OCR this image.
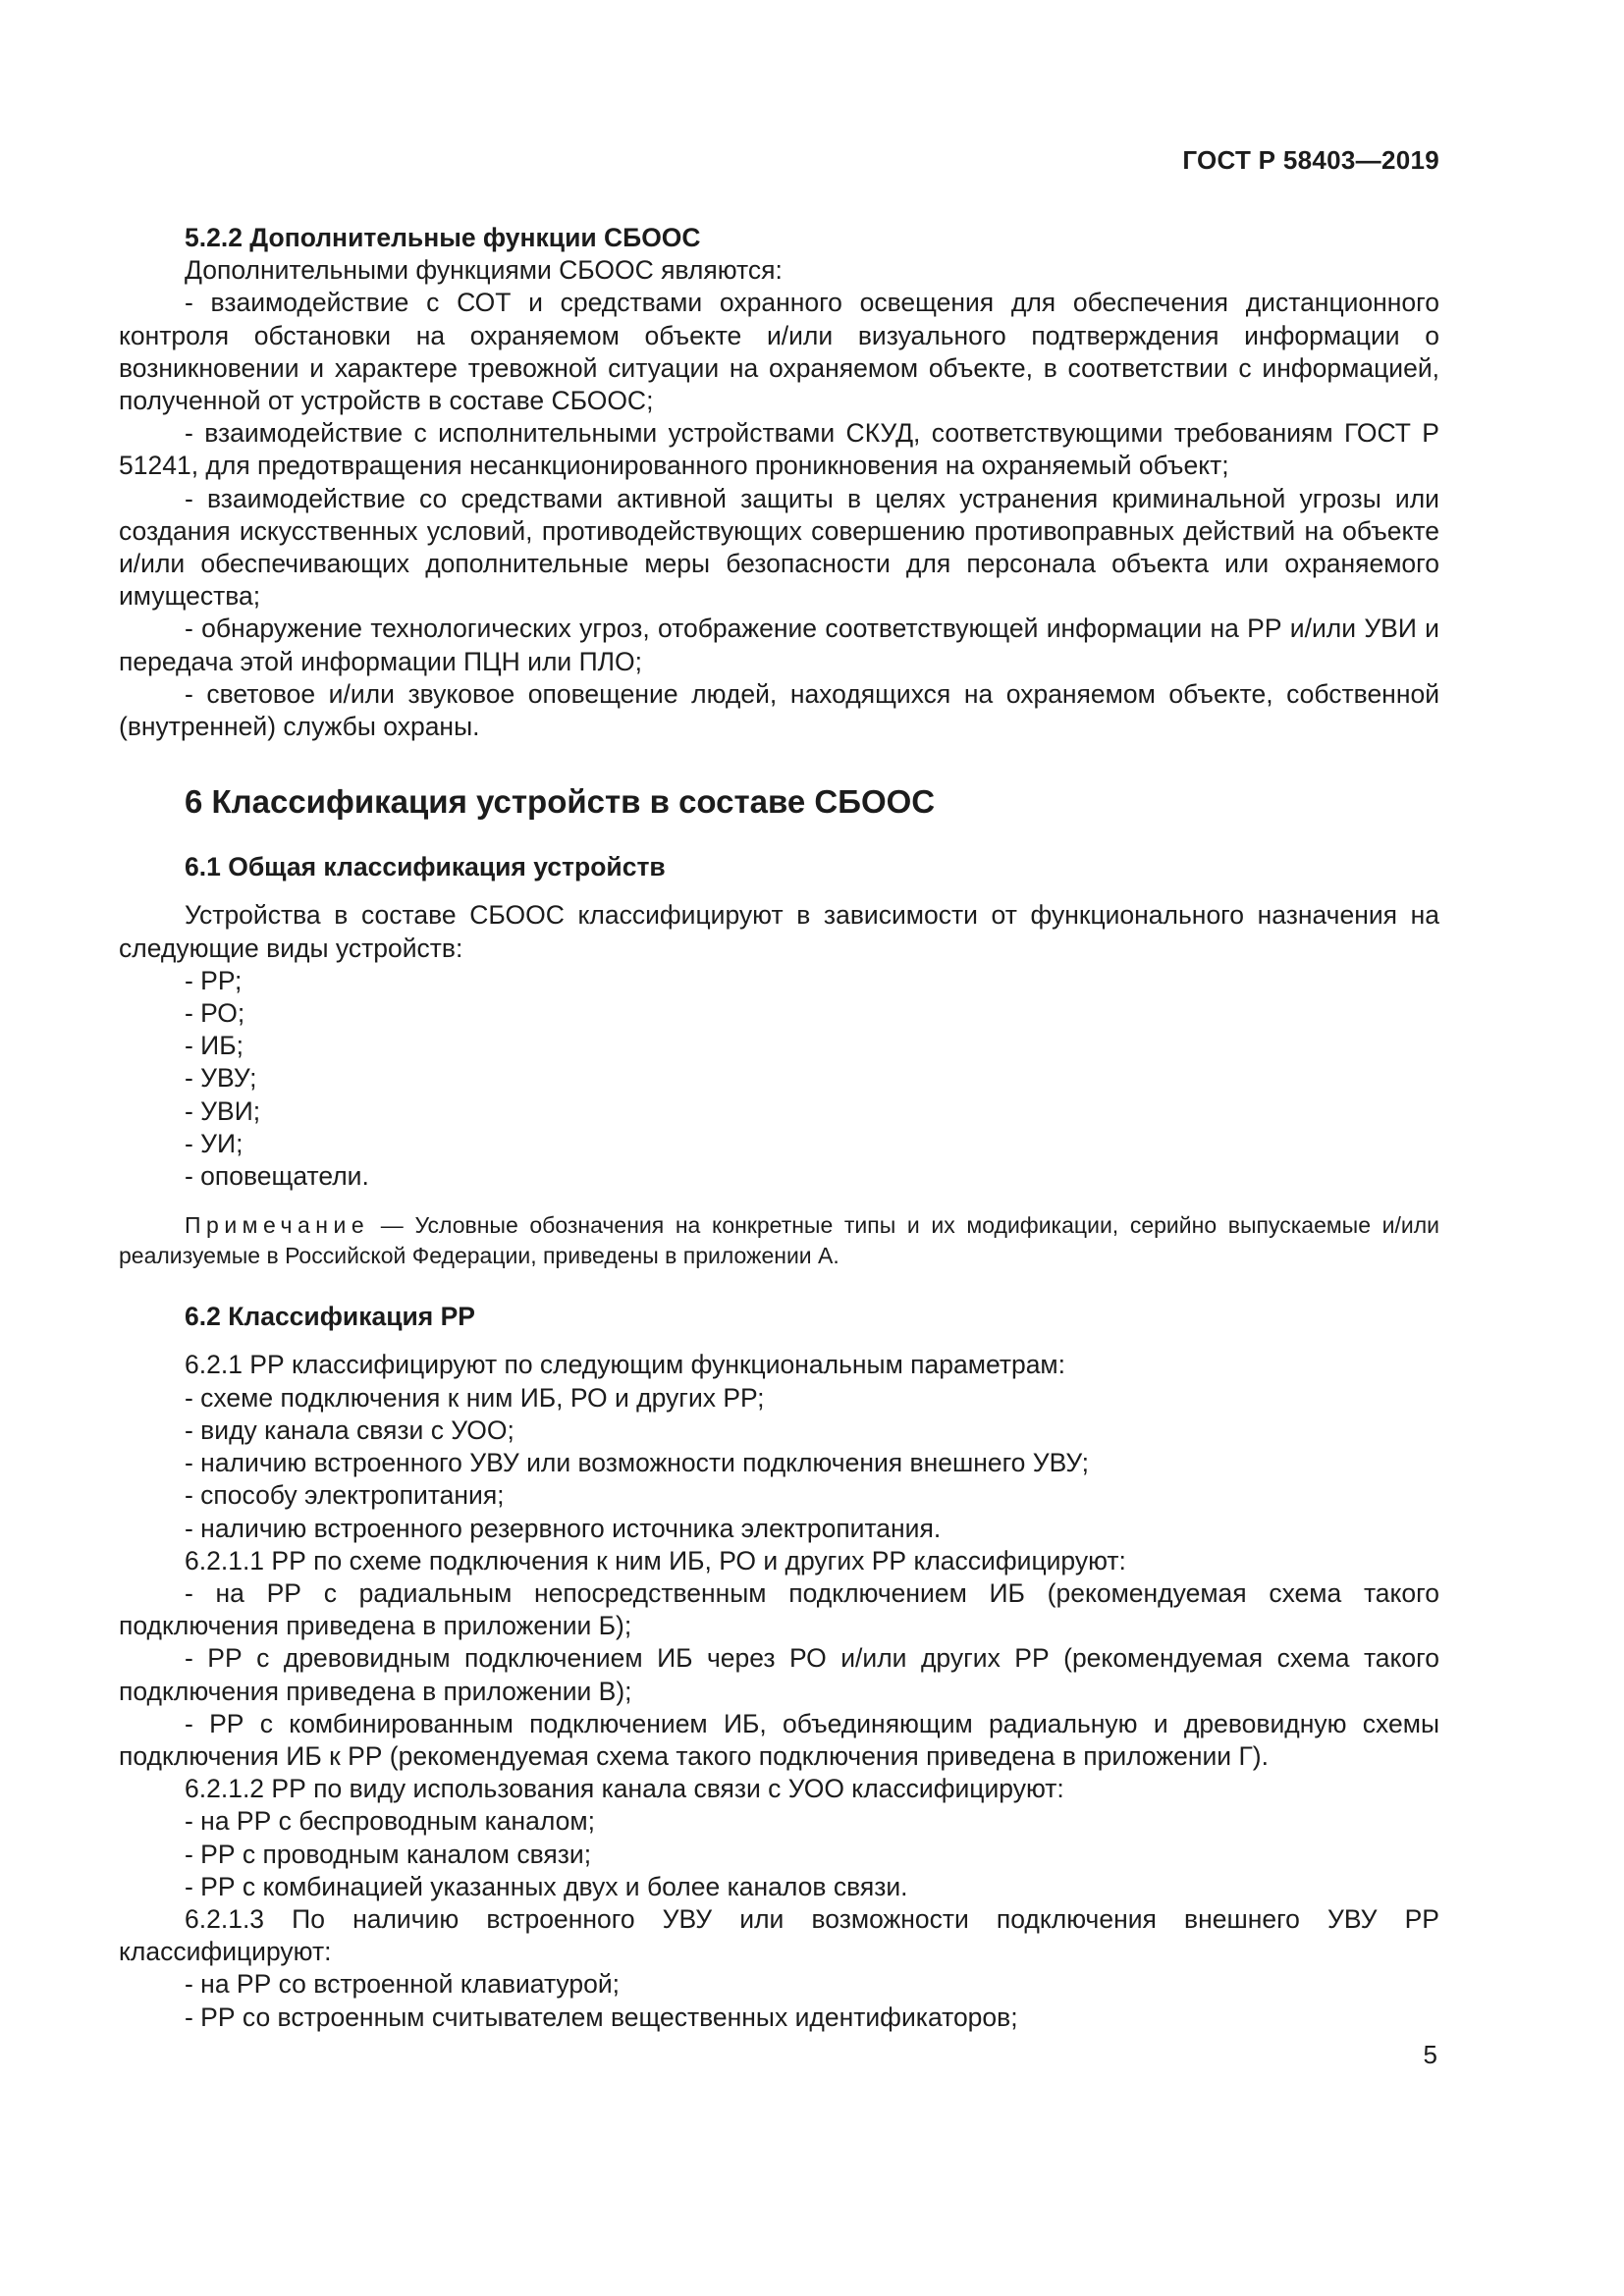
ГОСТ Р 58403—2019
5.2.2 Дополнительные функции СБООС

Дополнительными функциями СБООС являются:

- взаимодействие с СОТ и средствами охранного освещения для обеспечения дистанционного контроля обстановки на охраняемом объекте и/или визуального подтверждения информации о возникновении и характере тревожной ситуации на охраняемом объекте, в соответствии с информацией, полученной от устройств в составе СБООС;

- взаимодействие с исполнительными устройствами СКУД, соответствующими требованиям ГОСТ Р 51241, для предотвращения несанкционированного проникновения на охраняемый объект;

- взаимодействие со средствами активной защиты в целях устранения криминальной угрозы или создания искусственных условий, противодействующих совершению противоправных действий на объекте и/или обеспечивающих дополнительные меры безопасности для персонала объекта или охраняемого имущества;

- обнаружение технологических угроз, отображение соответствующей информации на РР и/или УВИ и передача этой информации ПЦН или ПЛО;

- световое и/или звуковое оповещение людей, находящихся на охраняемом объекте, собственной (внутренней) службы охраны.

6 Классификация устройств в составе СБООС
6.1 Общая классификация устройств

Устройства в составе СБООС классифицируют в зависимости от функционального назначения на следующие виды устройств:

- РР;

- РО;

- ИБ;

- УВУ;

- УВИ;

- УИ;

- оповещатели.

Примечание — Условные обозначения на конкретные типы и их модификации, серийно выпускаемые и/или реализуемые в Российской Федерации, приведены в приложении А.

6.2 Классификация РР

6.2.1 РР классифицируют по следующим функциональным параметрам:

- схеме подключения к ним ИБ, РО и других РР;

- виду канала связи с УОО;

- наличию встроенного УВУ или возможности подключения внешнего УВУ;

- способу электропитания;

- наличию встроенного резервного источника электропитания.

6.2.1.1 РР по схеме подключения к ним ИБ, РО и других РР классифицируют:

- на РР с радиальным непосредственным подключением ИБ (рекомендуемая схема такого подключения приведена в приложении Б);

- РР с древовидным подключением ИБ через РО и/или других РР (рекомендуемая схема такого подключения приведена в приложении В);

- РР с комбинированным подключением ИБ, объединяющим радиальную и древовидную схемы подключения ИБ к РР (рекомендуемая схема такого подключения приведена в приложении Г).

6.2.1.2 РР по виду использования канала связи с УОО классифицируют:

- на РР с беспроводным каналом;

- РР с проводным каналом связи;

- РР с комбинацией указанных двух и более каналов связи.

6.2.1.3 По наличию встроенного УВУ или возможности подключения внешнего УВУ РР классифицируют:

- на РР со встроенной клавиатурой;

- РР со встроенным считывателем вещественных идентификаторов;

5
